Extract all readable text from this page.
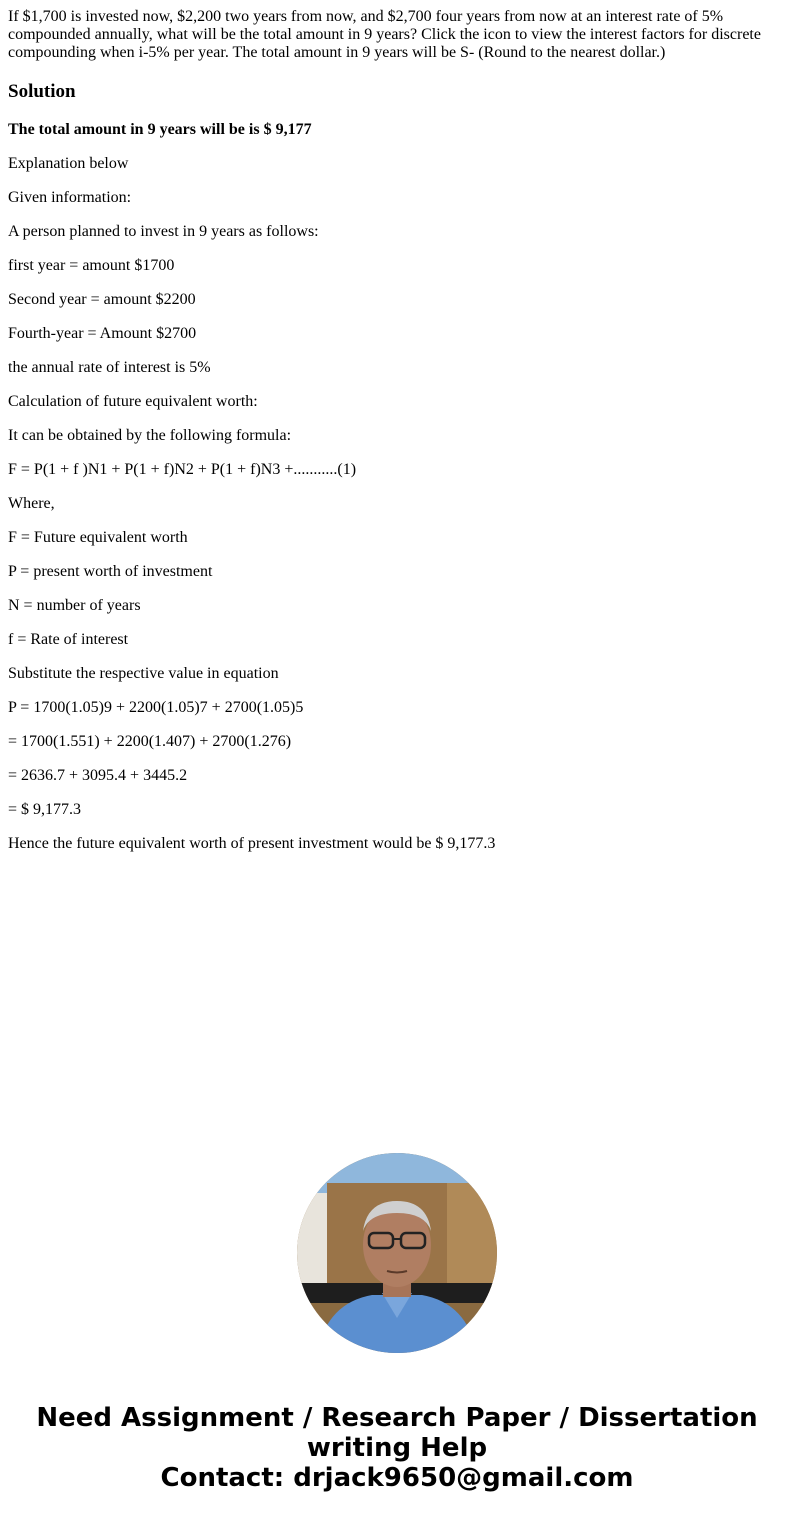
If $1,700 is invested now, $2,200 two years from now, and $2,700 four years from now at an interest rate of 5% compounded annually, what will be the total amount in 9 years? Click the icon to view the interest factors for discrete compounding when i-5% per year. The total amount in 9 years will be S- (Round to the nearest dollar.)

Solution

The total amount in 9 years will be is $ 9,177

Explanation below

Given information:

A person planned to invest in 9 years as follows:

first year = amount $1700

Second year = amount $2200

Fourth-year = Amount $2700

the annual rate of interest is 5%

Calculation of future equivalent worth:

It can be obtained by the following formula:

F = P(1 + f )N1 + P(1 + f)N2 + P(1 + f)N3 +...........(1)

Where,

F = Future equivalent worth

P = present worth of investment

N = number of years

f = Rate of interest

Substitute the respective value in equation

P = 1700(1.05)9 + 2200(1.05)7 + 2700(1.05)5

= 1700(1.551) + 2200(1.407) + 2700(1.276)

= 2636.7 + 3095.4 + 3445.2

= $ 9,177.3

Hence the future equivalent worth of present investment would be $ 9,177.3

Need Assignment / Research Paper / Dissertation
writing Help
Contact: drjack9650@gmail.com
